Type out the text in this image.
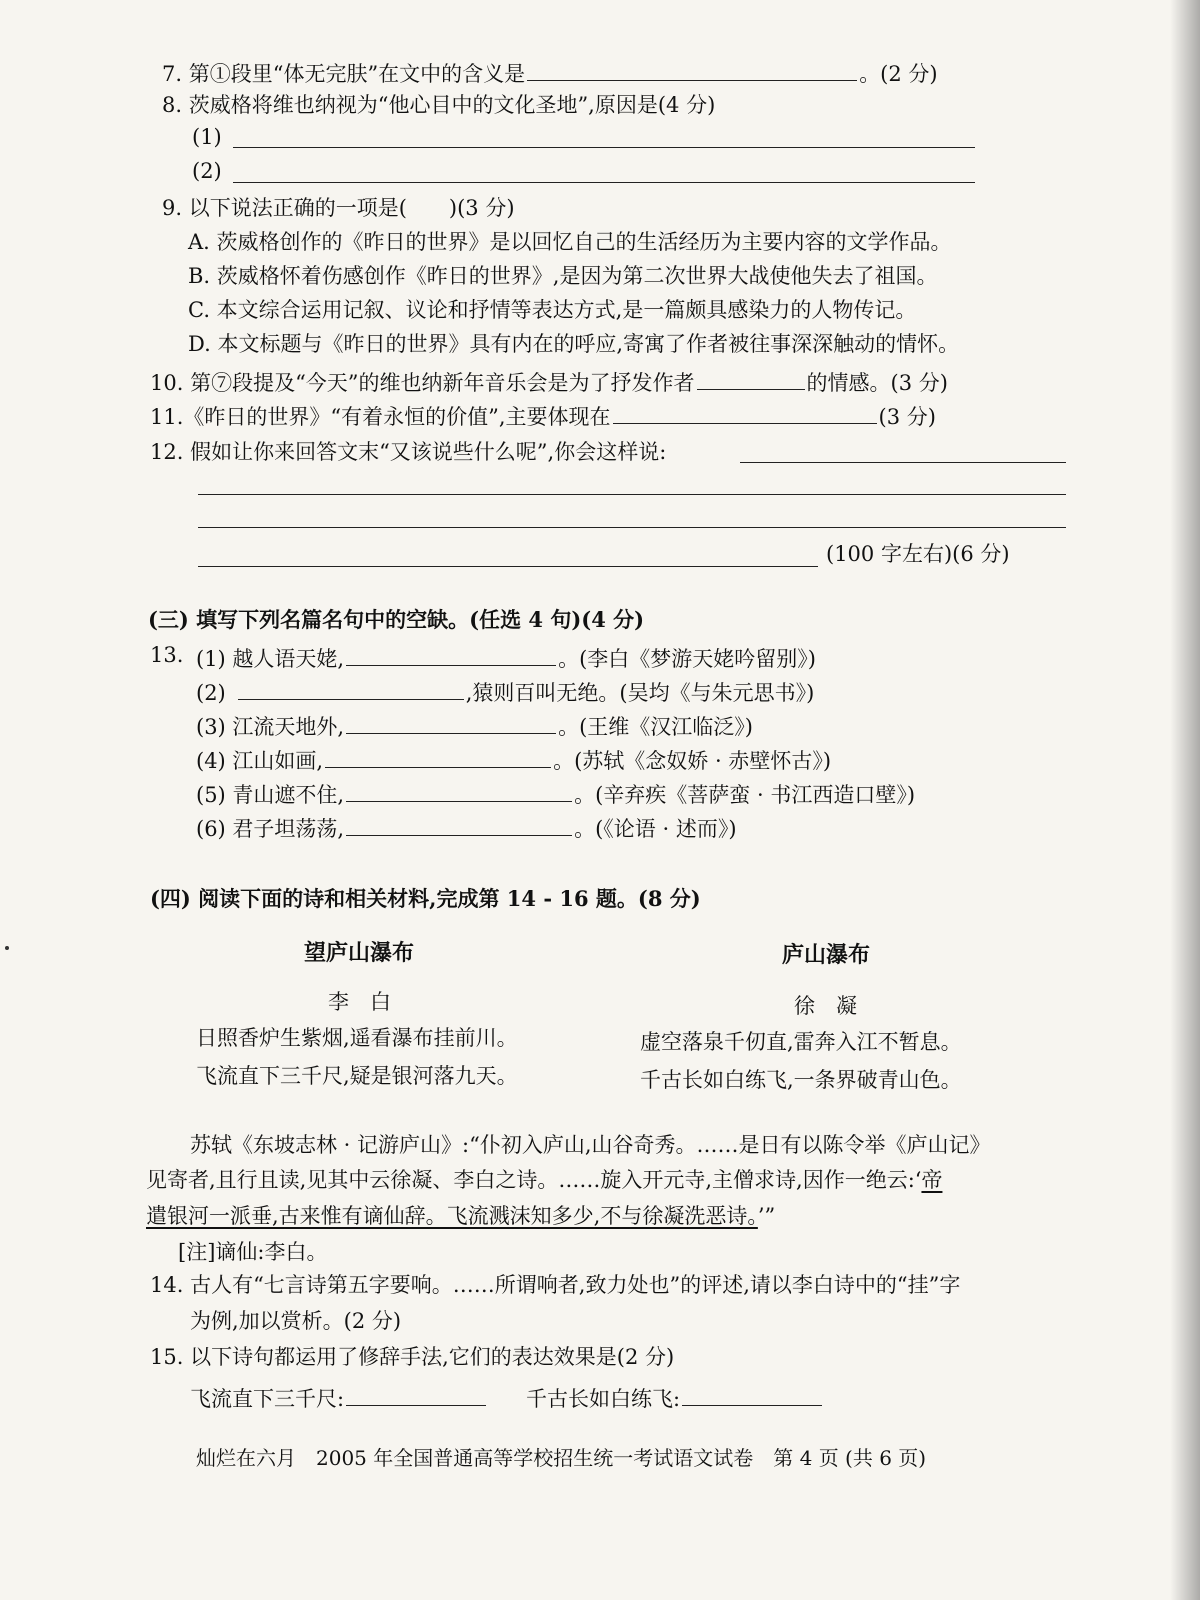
7. 第①段里“体无完肤”在文中的含义是	。(2 分)
8. 茨威格将维也纳视为“他心目中的文化圣地”,原因是(4 分)
(1)
(2)
9. 以下说法正确的一项是(　　)(3 分)
A. 茨威格创作的《昨日的世界》是以回忆自己的生活经历为主要内容的文学作品。
B. 茨威格怀着伤感创作《昨日的世界》,是因为第二次世界大战使他失去了祖国。
C. 本文综合运用记叙、议论和抒情等表达方式,是一篇颇具感染力的人物传记。
D. 本文标题与《昨日的世界》具有内在的呼应,寄寓了作者被往事深深触动的情怀。
10. 第⑦段提及“今天”的维也纳新年音乐会是为了抒发作者	的情感。(3 分)
11.《昨日的世界》“有着永恒的价值”,主要体现在	(3 分)
12. 假如让你来回答文末“又该说些什么呢”,你会这样说:
(100 字左右)(6 分)
(三) 填写下列名篇名句中的空缺。(任选 4 句)(4 分)
13. (1) 越人语天姥,	。(李白《梦游天姥吟留别》)
(2)	,猿则百叫无绝。(吴均《与朱元思书》)
(3) 江流天地外,	。(王维《汉江临泛》)
(4) 江山如画,	。(苏轼《念奴娇 · 赤壁怀古》)
(5) 青山遮不住,	。(辛弃疾《菩萨蛮 · 书江西造口壁》)
(6) 君子坦荡荡,	。(《论语 · 述而》)
(四) 阅读下面的诗和相关材料,完成第 14 - 16 题。(8 分)
望庐山瀑布
李　白
日照香炉生紫烟,遥看瀑布挂前川。
飞流直下三千尺,疑是银河落九天。
庐山瀑布
徐　凝
虚空落泉千仞直,雷奔入江不暂息。
千古长如白练飞,一条界破青山色。
苏轼《东坡志林 · 记游庐山》:“仆初入庐山,山谷奇秀。……是日有以陈令举《庐山记》
见寄者,且行且读,见其中云徐凝、李白之诗。……旋入开元寺,主僧求诗,因作一绝云:‘帝
遣银河一派垂,古来惟有谪仙辞。飞流溅沫知多少,不与徐凝洗恶诗。’”
[注]谪仙:李白。
14. 古人有“七言诗第五字要响。……所谓响者,致力处也”的评述,请以李白诗中的“挂”字
为例,加以赏析。(2 分)
15. 以下诗句都运用了修辞手法,它们的表达效果是(2 分)
飞流直下三千尺:	千古长如白练飞:
灿烂在六月　2005 年全国普通高等学校招生统一考试语文试卷　第 4 页 (共 6 页)
